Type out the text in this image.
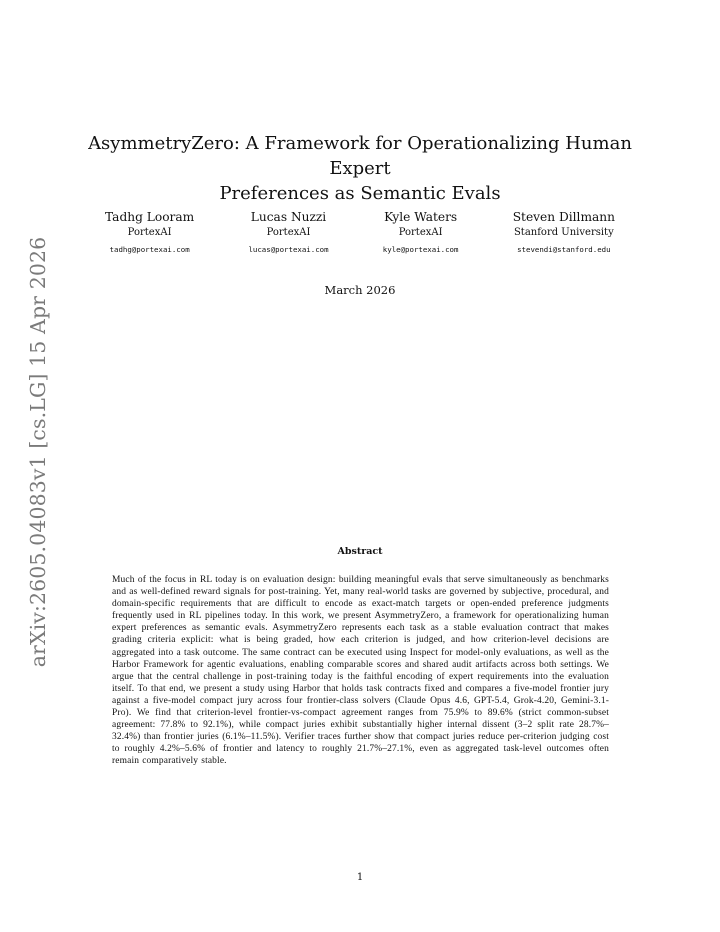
arXiv:2605.04083v1 [cs.LG] 15 Apr 2026
AsymmetryZero: A Framework for Operationalizing Human Expert
Preferences as Semantic Evals
Tadhg Looram
PortexAI
tadhg@portexai.com
Lucas Nuzzi
PortexAI
lucas@portexai.com
Kyle Waters
PortexAI
kyle@portexai.com
Steven Dillmann
Stanford University
stevendi@stanford.edu
March 2026
Abstract
Much of the focus in RL today is on evaluation design: building meaningful evals that serve simultaneously as benchmarks and as well-defined reward signals for post-training. Yet, many real-world tasks are governed by subjective, procedural, and domain-specific requirements that are difficult to encode as exact-match targets or open-ended preference judgments frequently used in RL pipelines today. In this work, we present AsymmetryZero, a framework for operationalizing human expert preferences as semantic evals. AsymmetryZero represents each task as a stable evaluation contract that makes grading criteria explicit: what is being graded, how each criterion is judged, and how criterion-level decisions are aggregated into a task outcome. The same contract can be executed using Inspect for model-only evaluations, as well as the Harbor Framework for agentic evaluations, enabling comparable scores and shared audit artifacts across both settings. We argue that the central challenge in post-training today is the faithful encoding of expert requirements into the evaluation itself. To that end, we present a study using Harbor that holds task contracts fixed and compares a five-model frontier jury against a five-model compact jury across four frontier-class solvers (Claude Opus 4.6, GPT-5.4, Grok-4.20, Gemini-3.1-Pro). We find that criterion-level frontier-vs-compact agreement ranges from 75.9% to 89.6% (strict common-subset agreement: 77.8% to 92.1%), while compact juries exhibit substantially higher internal dissent (3–2 split rate 28.7%–32.4%) than frontier juries (6.1%–11.5%). Verifier traces further show that compact juries reduce per-criterion judging cost to roughly 4.2%–5.6% of frontier and latency to roughly 21.7%–27.1%, even as aggregated task-level outcomes often remain comparatively stable.
1
